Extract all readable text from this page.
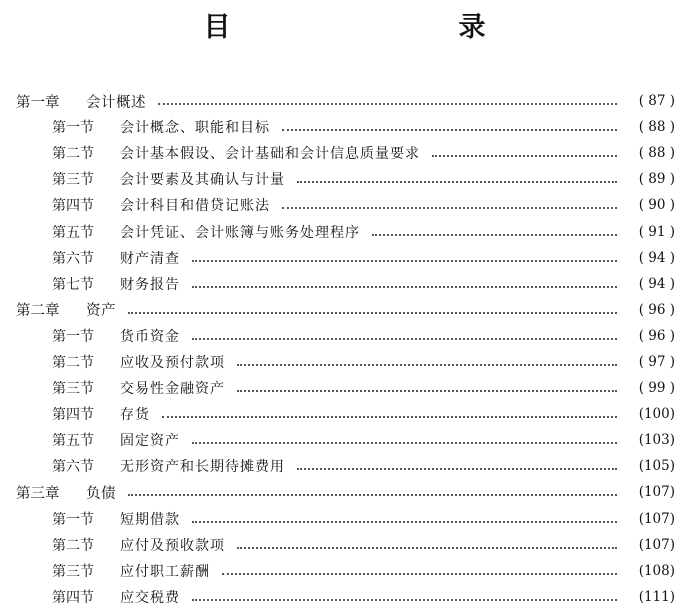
目　　录
第一章	会计概述	( 87 )
第一节	会计概念、职能和目标	( 88 )
第二节	会计基本假设、会计基础和会计信息质量要求	( 88 )
第三节	会计要素及其确认与计量	( 89 )
第四节	会计科目和借贷记账法	( 90 )
第五节	会计凭证、会计账簿与账务处理程序	( 91 )
第六节	财产清查	( 94 )
第七节	财务报告	( 94 )
第二章	资产	( 96 )
第一节	货币资金	( 96 )
第二节	应收及预付款项	( 97 )
第三节	交易性金融资产	( 99 )
第四节	存货	(100)
第五节	固定资产	(103)
第六节	无形资产和长期待摊费用	(105)
第三章	负债	(107)
第一节	短期借款	(107)
第二节	应付及预收款项	(107)
第三节	应付职工薪酬	(108)
第四节	应交税费	(111)
